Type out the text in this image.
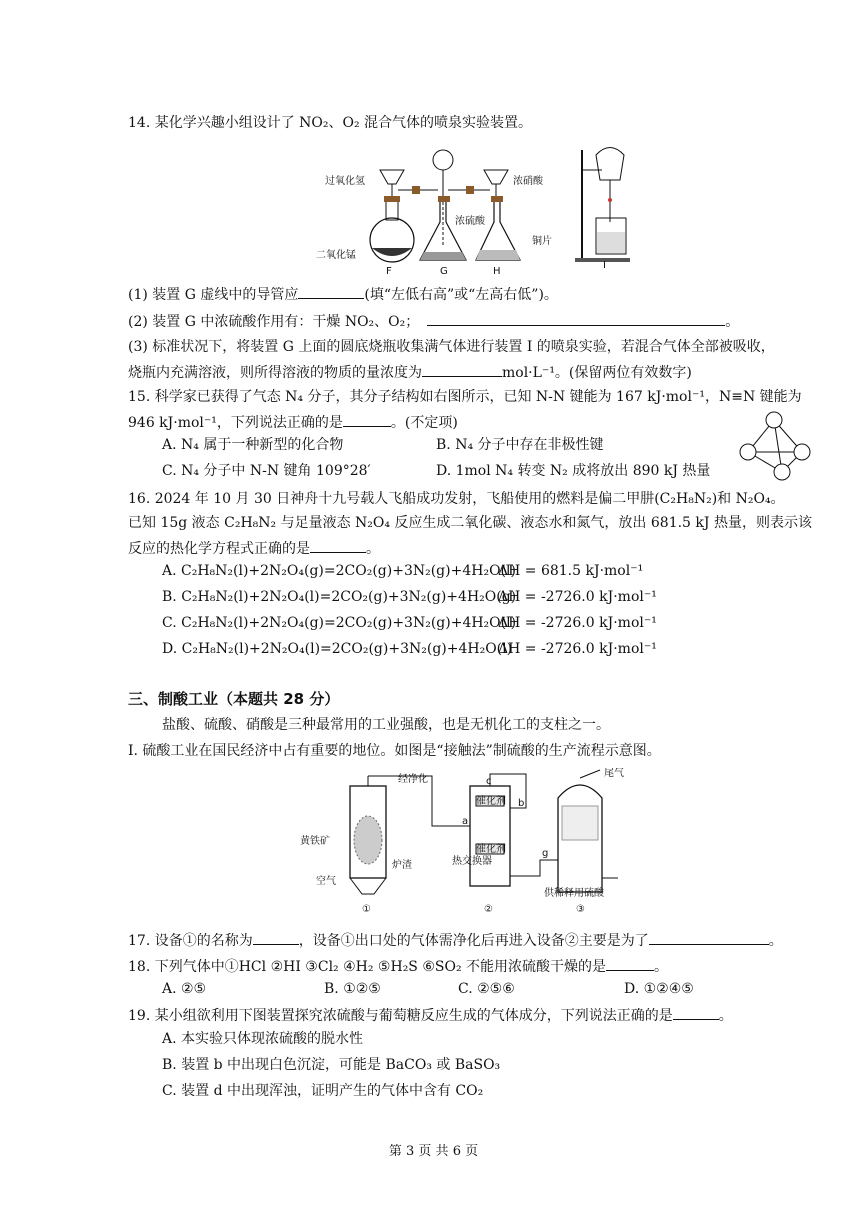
14. 某化学兴趣小组设计了 NO₂、O₂ 混合气体的喷泉实验装置。
过氧化氢	浓硝酸
浓硫酸
铜片
二氧化锰
F	G	H
I
(1) 装置 G 虚线中的导管应	(填“左低右高”或“左高右低”)。
(2) 装置 G 中浓硫酸作用有：干燥 NO₂、O₂；	。
(3) 标准状况下，将装置 G 上面的圆底烧瓶收集满气体进行装置 I 的喷泉实验，若混合气体全部被吸收，
烧瓶内充满溶液，则所得溶液的物质的量浓度为	mol·L⁻¹。(保留两位有效数字)
15. 科学家已获得了气态 N₄ 分子，其分子结构如右图所示，已知 N-N 键能为 167 kJ·mol⁻¹，N≡N 键能为
946 kJ·mol⁻¹，下列说法正确的是	。(不定项)
A. N₄ 属于一种新型的化合物	B. N₄ 分子中存在非极性键
C. N₄ 分子中 N-N 键角 109°28′	D. 1mol N₄ 转变 N₂ 成将放出 890 kJ 热量
16. 2024 年 10 月 30 日神舟十九号载人飞船成功发射，飞船使用的燃料是偏二甲肼(C₂H₈N₂)和 N₂O₄。
已知 15g 液态 C₂H₈N₂ 与足量液态 N₂O₄ 反应生成二氧化碳、液态水和氮气，放出 681.5 kJ 热量，则表示该
反应的热化学方程式正确的是	。
A. C₂H₈N₂(l)+2N₂O₄(g)=2CO₂(g)+3N₂(g)+4H₂O(l)
ΔH = 681.5 kJ·mol⁻¹
B. C₂H₈N₂(l)+2N₂O₄(l)=2CO₂(g)+3N₂(g)+4H₂O(g)
ΔH = -2726.0 kJ·mol⁻¹
C. C₂H₈N₂(l)+2N₂O₄(g)=2CO₂(g)+3N₂(g)+4H₂O(l)
ΔH = -2726.0 kJ·mol⁻¹
D. C₂H₈N₂(l)+2N₂O₄(l)=2CO₂(g)+3N₂(g)+4H₂O(l)
ΔH = -2726.0 kJ·mol⁻¹
三、制酸工业（本题共 28 分）
盐酸、硫酸、硝酸是三种最常用的工业强酸，也是无机化工的支柱之一。
I. 硫酸工业在国民经济中占有重要的地位。如图是“接触法”制硫酸的生产流程示意图。
经净化
黄铁矿
空气
炉渣
催化剂
催化剂
热交换器
尾气
供稀释用硫酸
a
b
c
g
①	②	③
17. 设备①的名称为	，设备①出口处的气体需净化后再进入设备②主要是为了	。
18. 下列气体中①HCl ②HI ③Cl₂ ④H₂ ⑤H₂S ⑥SO₂ 不能用浓硫酸干燥的是	。
A. ②⑤	B. ①②⑤	C. ②⑤⑥	D. ①②④⑤
19. 某小组欲利用下图装置探究浓硫酸与葡萄糖反应生成的气体成分，下列说法正确的是	。
A. 本实验只体现浓硫酸的脱水性
B. 装置 b 中出现白色沉淀，可能是 BaCO₃ 或 BaSO₃
C. 装置 d 中出现浑浊，证明产生的气体中含有 CO₂
第 3 页 共 6 页
